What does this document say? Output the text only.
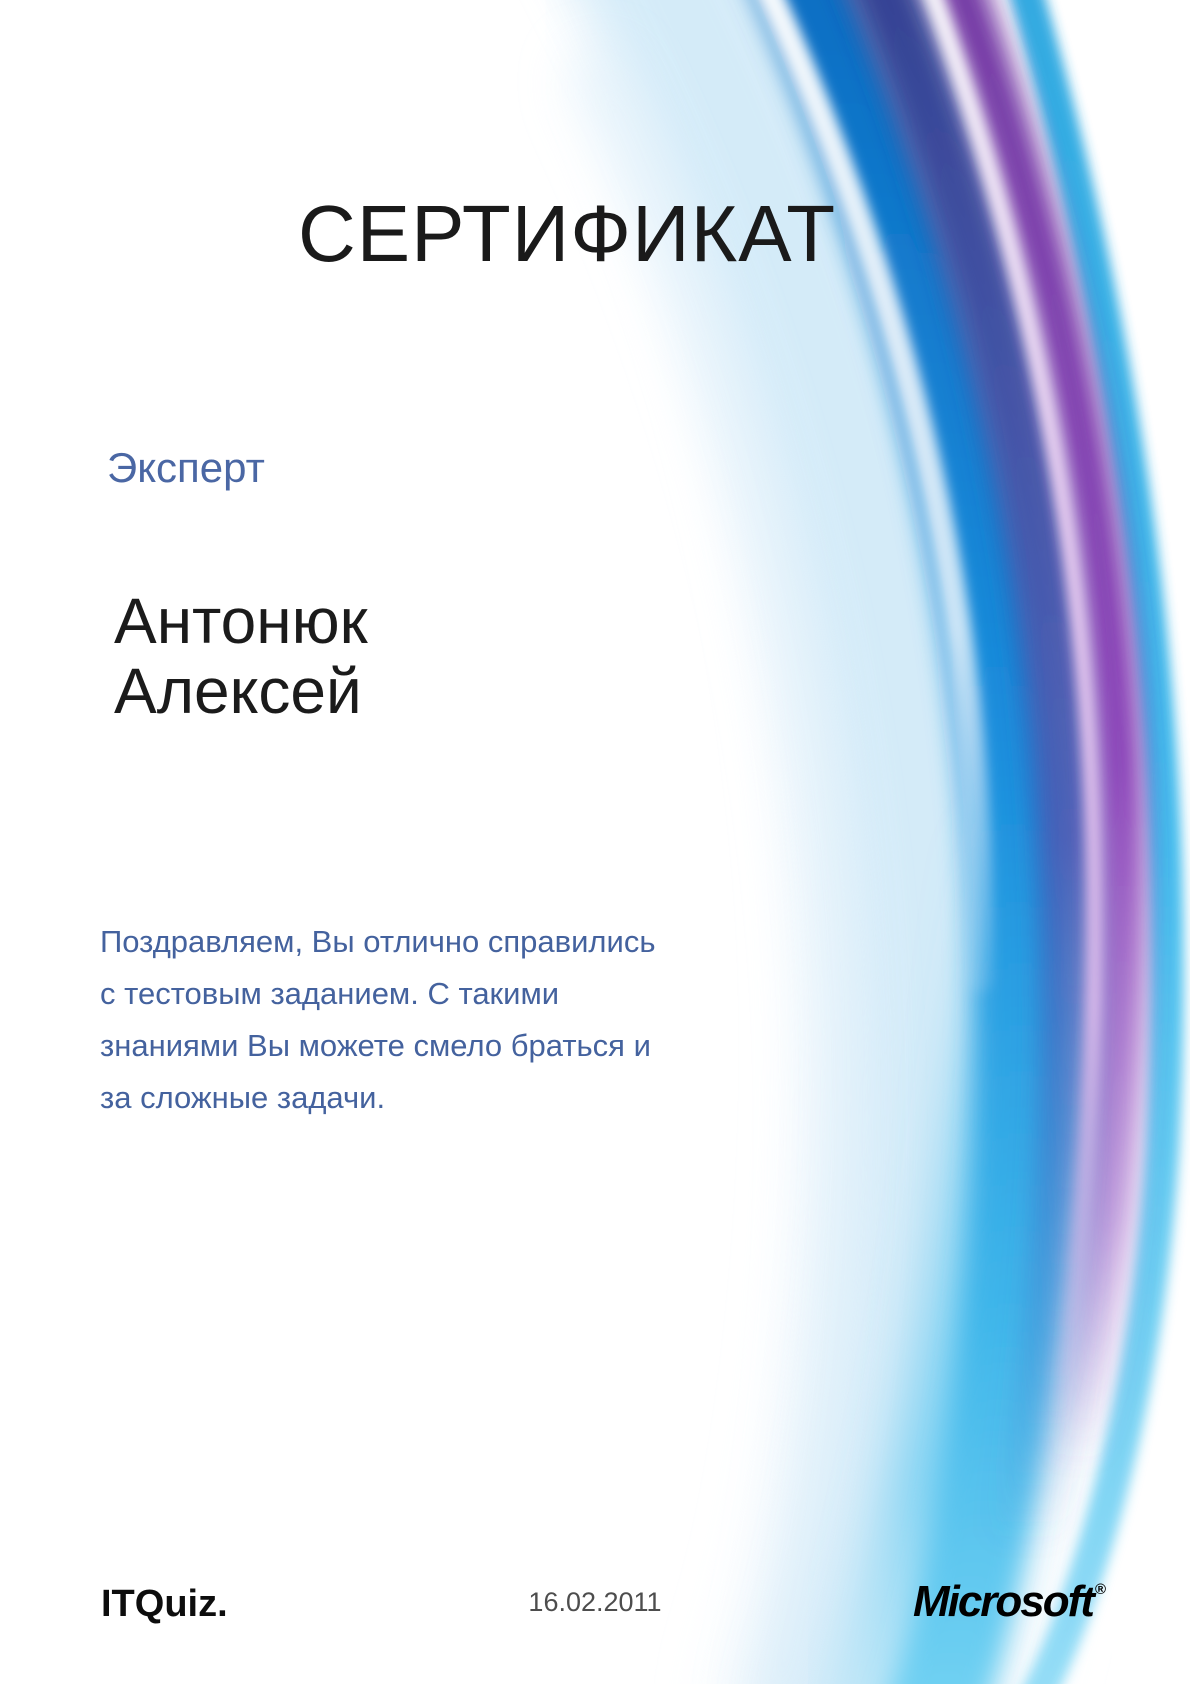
СЕРТИФИКАТ
Эксперт
Антонюк
Алексей
Поздравляем, Вы отлично справились
с тестовым заданием. С такими
знаниями Вы можете смело браться и
за сложные задачи.
ITQuiz.	16.02.2011	Microsoft ®
